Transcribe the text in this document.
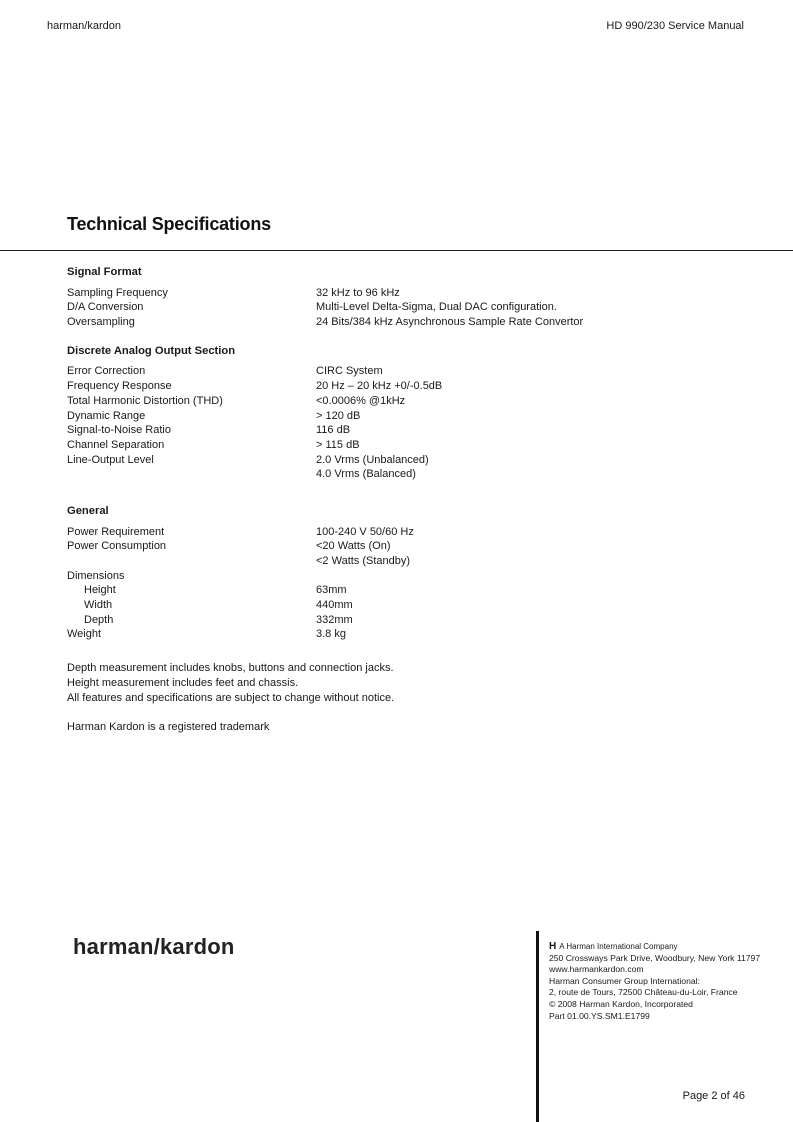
harman/kardon	HD 990/230 Service Manual
Technical Specifications
Signal Format
Sampling Frequency	32 kHz to 96 kHz
D/A Conversion	Multi-Level Delta-Sigma, Dual DAC configuration.
Oversampling	24 Bits/384 kHz Asynchronous Sample Rate Convertor
Discrete Analog Output Section
Error Correction	CIRC System
Frequency Response	20 Hz – 20 kHz +0/-0.5dB
Total Harmonic Distortion (THD)	<0.0006% @1kHz
Dynamic Range	> 120 dB
Signal-to-Noise Ratio	116 dB
Channel Separation	> 115 dB
Line-Output Level	2.0 Vrms (Unbalanced)
4.0 Vrms (Balanced)
General
Power Requirement	100-240 V 50/60 Hz
Power Consumption	<20 Watts (On)
<2 Watts (Standby)
Dimensions
Height	63mm
Width	440mm
Depth	332mm
Weight	3.8 kg

Depth measurement includes knobs, buttons and connection jacks.

Height measurement includes feet and chassis.

All features and specifications are subject to change without notice.

Harman Kardon is a registered trademark

harman/kardon	H A Harman International Company
250 Crossways Park Drive, Woodbury, New York 11797
www.harmankardon.com
Harman Consumer Group International:
2, route de Tours, 72500 Château-du-Loir, France
© 2008 Harman Kardon, Incorporated
Part 01.00.YS.SM1.E1799
Page 2 of 46
